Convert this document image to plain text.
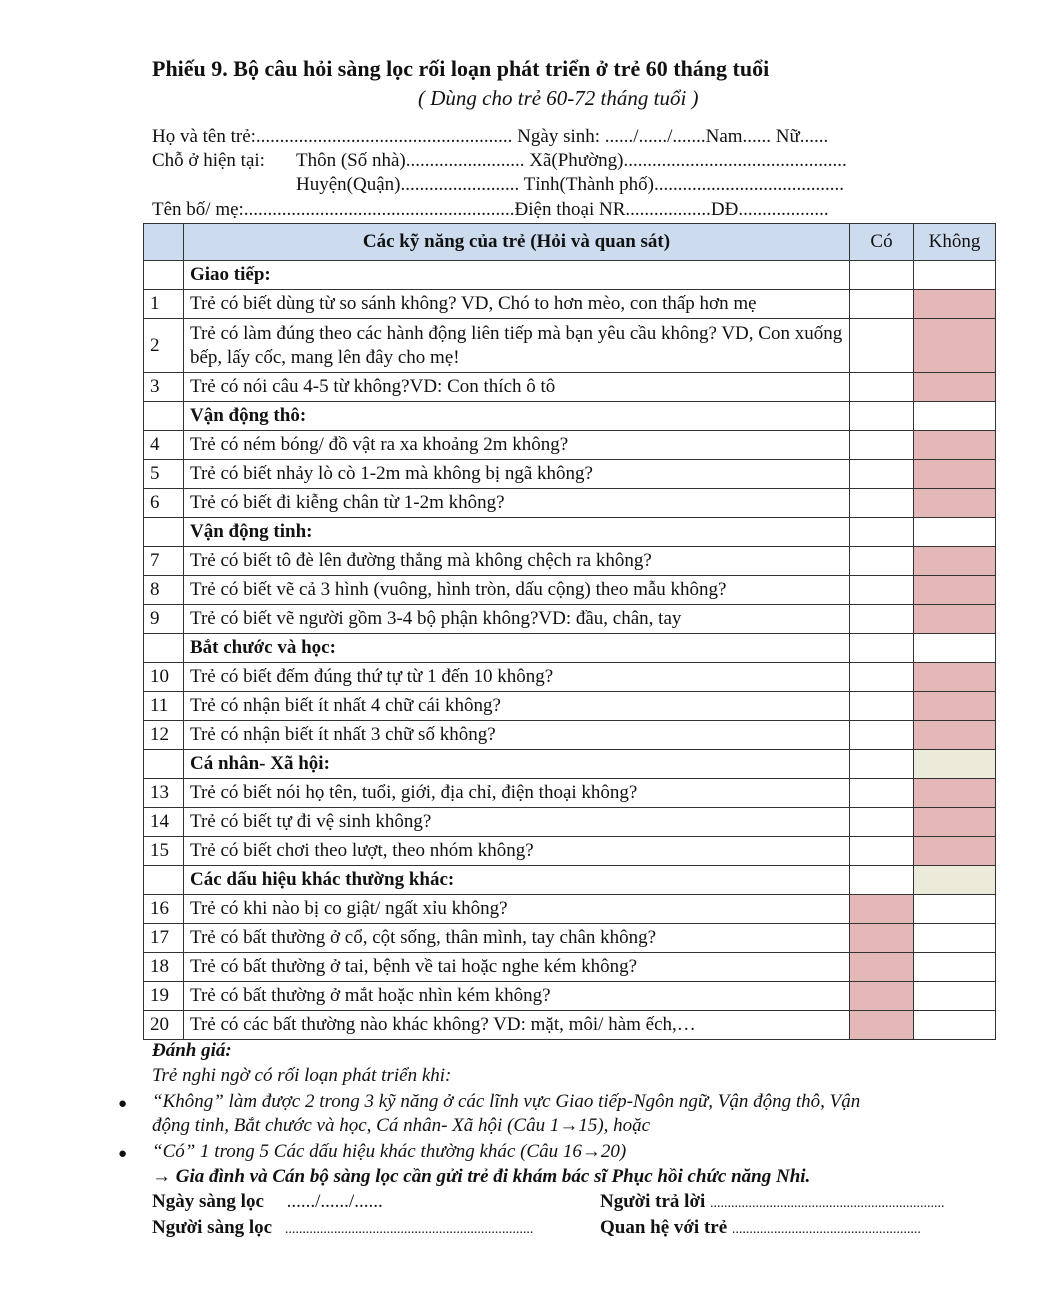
Phiếu 9. Bộ câu hỏi sàng lọc rối loạn phát triển ở trẻ 60 tháng tuổi
( Dùng cho trẻ 60-72 tháng tuổi )
Họ và tên trẻ:...................................................... Ngày sinh: ....../....../.......Nam...... Nữ......
Chỗ ở hiện tại: Thôn (Số nhà)......................... Xã(Phường)...............................................
Huyện(Quận)......................... Tỉnh(Thành phố)........................................
Tên bố/ mẹ:.........................................................Điện thoại NR..................DĐ...................
	Các kỹ năng của trẻ (Hỏi và quan sát)	Có	Không
	Giao tiếp:		
1	Trẻ có biết dùng từ so sánh không? VD, Chó to hơn mèo, con thấp hơn mẹ		
2	Trẻ có làm đúng theo các hành động liên tiếp mà bạn yêu cầu không? VD, Con xuống bếp, lấy cốc, mang lên đây cho mẹ!		
3	Trẻ có nói câu 4-5 từ không?VD: Con thích ô tô		
	Vận động thô:		
4	Trẻ có ném bóng/ đồ vật ra xa khoảng 2m không?		
5	Trẻ có biết nhảy lò cò 1-2m mà không bị ngã không?		
6	Trẻ có biết đi kiễng chân từ 1-2m không?		
	Vận động tinh:		
7	Trẻ có biết tô đè lên đường thẳng mà không chệch ra không?		
8	Trẻ có biết vẽ cả 3 hình (vuông, hình tròn, dấu cộng) theo mẫu không?		
9	Trẻ có biết vẽ người gồm 3-4 bộ phận không?VD: đầu, chân, tay		
	Bắt chước và học:		
10	Trẻ có biết đếm đúng thứ tự từ 1 đến 10 không?		
11	Trẻ có nhận biết ít nhất 4 chữ cái không?		
12	Trẻ có nhận biết ít nhất 3 chữ số không?		
	Cá nhân- Xã hội:		
13	Trẻ có biết nói họ tên, tuổi, giới, địa chỉ, điện thoại không?		
14	Trẻ có biết tự đi vệ sinh không?		
15	Trẻ có biết chơi theo lượt, theo nhóm không?		
	Các dấu hiệu khác thường khác:		
16	Trẻ có khi nào bị co giật/ ngất xỉu không?		
17	Trẻ có bất thường ở cổ, cột sống, thân mình, tay chân không?		
18	Trẻ có bất thường ở tai, bệnh về tai hoặc nghe kém không?		
19	Trẻ có bất thường ở mắt hoặc nhìn kém không?		
20	Trẻ có các bất thường nào khác không? VD: mặt, môi/ hàm ếch,…		
Đánh giá:
Trẻ nghi ngờ có rối loạn phát triển khi:
● “Không” làm được 2 trong 3 kỹ năng ở các lĩnh vực Giao tiếp-Ngôn ngữ, Vận động thô, Vận
động tinh, Bắt chước và học, Cá nhân- Xã hội (Câu 1→15), hoặc
● “Có” 1 trong 5 Các dấu hiệu khác thường khác (Câu 16→20)
→ Gia đình và Cán bộ sàng lọc cần gửi trẻ đi khám bác sĩ Phục hồi chức năng Nhi.
Ngày sàng lọc ....../....../......	Người trả lời ...................................................................
Người sàng lọc .......................................................................	Quan hệ với trẻ ......................................................
